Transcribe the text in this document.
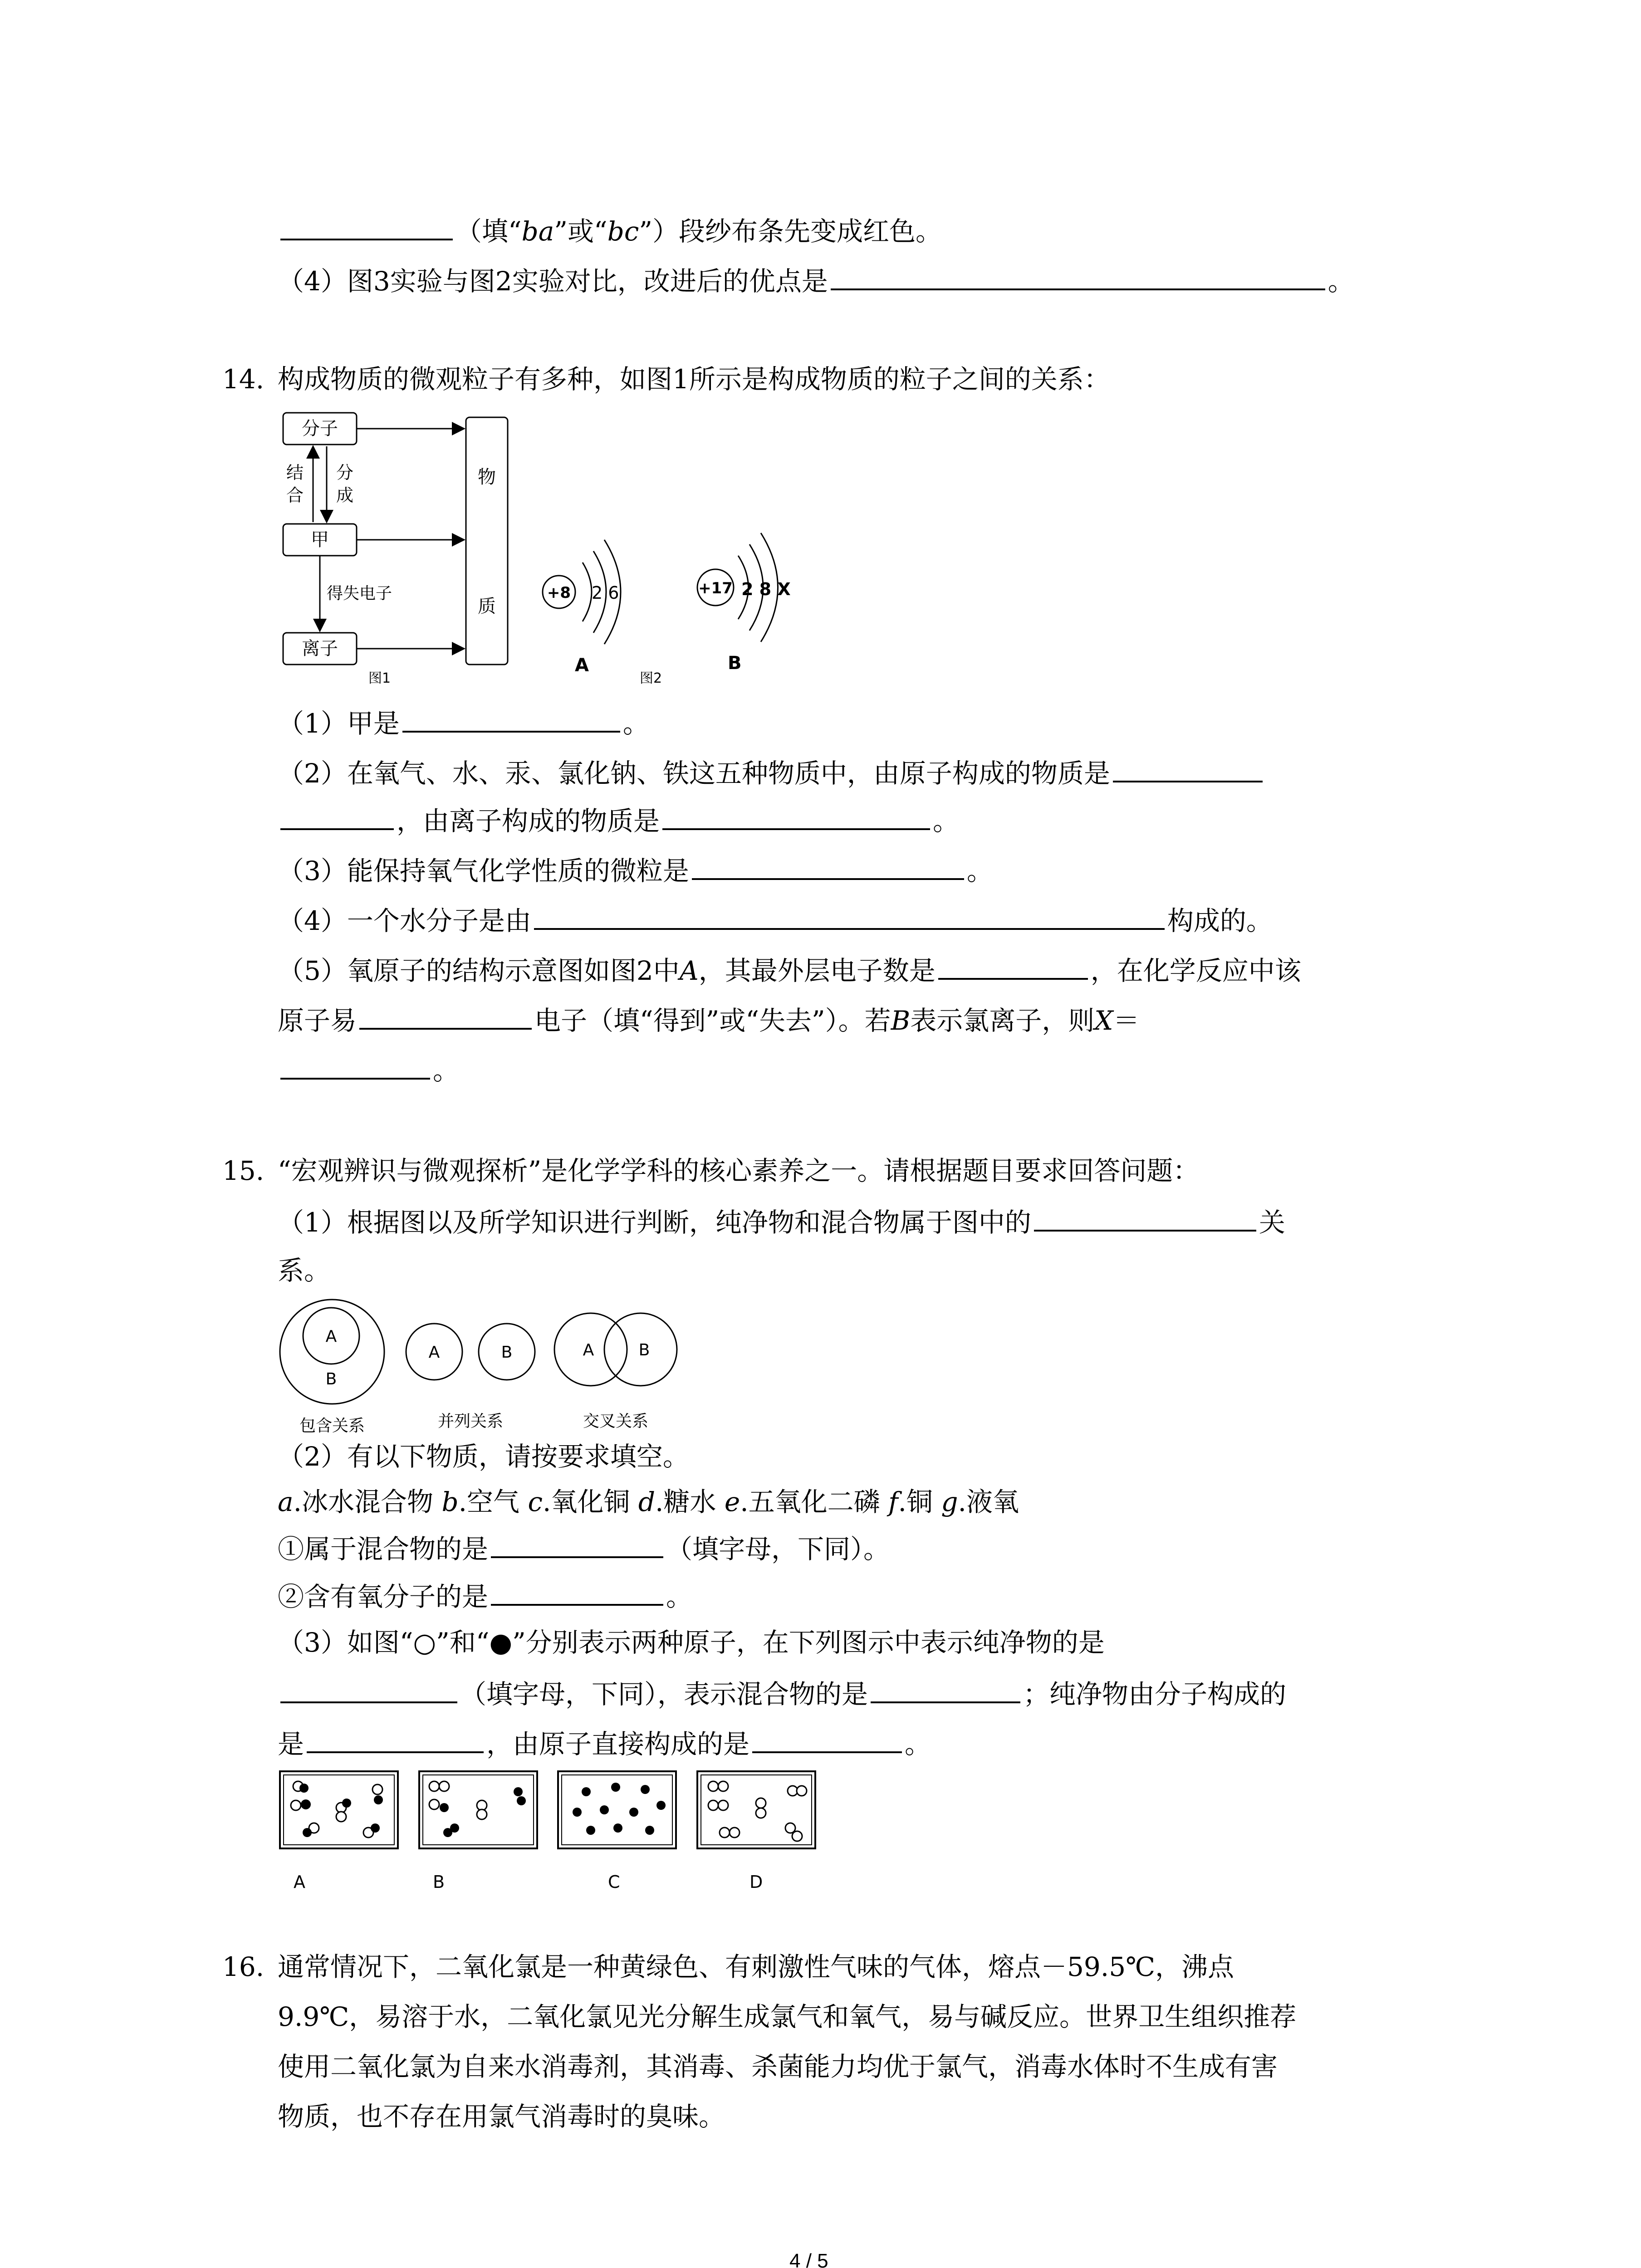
（填“ba”或“bc”）段纱布条先变成红色。
（4）图3实验与图2实验对比，改进后的优点是	。
14. 构成物质的微观粒子有多种，如图1所示是构成物质的粒子之间的关系：
分子
甲
离子
物
质
结
合
分
成
得失电子
图1
+8 2 6
A
图2
+17 2 8 X
B
（1）甲是	。
（2）在氧气、水、汞、氯化钠、铁这五种物质中，由原子构成的物质是
，由离子构成的物质是	。
（3）能保持氧气化学性质的微粒是	。
（4）一个水分子是由	构成的。
（5）氧原子的结构示意图如图2中A，其最外层电子数是	，在化学反应中该
原子易	电子（填“得到”或“失去”）。若B表示氯离子，则X＝
。
15. “宏观辨识与微观探析”是化学学科的核心素养之一。请根据题目要求回答问题：
（1）根据图以及所学知识进行判断，纯净物和混合物属于图中的	关
系。
A
B
包含关系
A	B
并列关系
A	B
交叉关系
（2）有以下物质，请按要求填空。
a.冰水混合物 b.空气 c.氧化铜 d.糖水 e.五氧化二磷 f.铜 g.液氧
①属于混合物的是	（填字母，下同）。
②含有氧分子的是	。
（3）如图“○”和“●”分别表示两种原子，在下列图示中表示纯净物的是
（填字母，下同），表示混合物的是	；纯净物由分子构成的
是	，由原子直接构成的是	。
A	B	C	D
16. 通常情况下，二氧化氯是一种黄绿色、有刺激性气味的气体，熔点－59.5℃，沸点
9.9℃，易溶于水，二氧化氯见光分解生成氯气和氧气，易与碱反应。世界卫生组织推荐
使用二氧化氯为自来水消毒剂，其消毒、杀菌能力均优于氯气，消毒水体时不生成有害
物质，也不存在用氯气消毒时的臭味。
4 / 5
